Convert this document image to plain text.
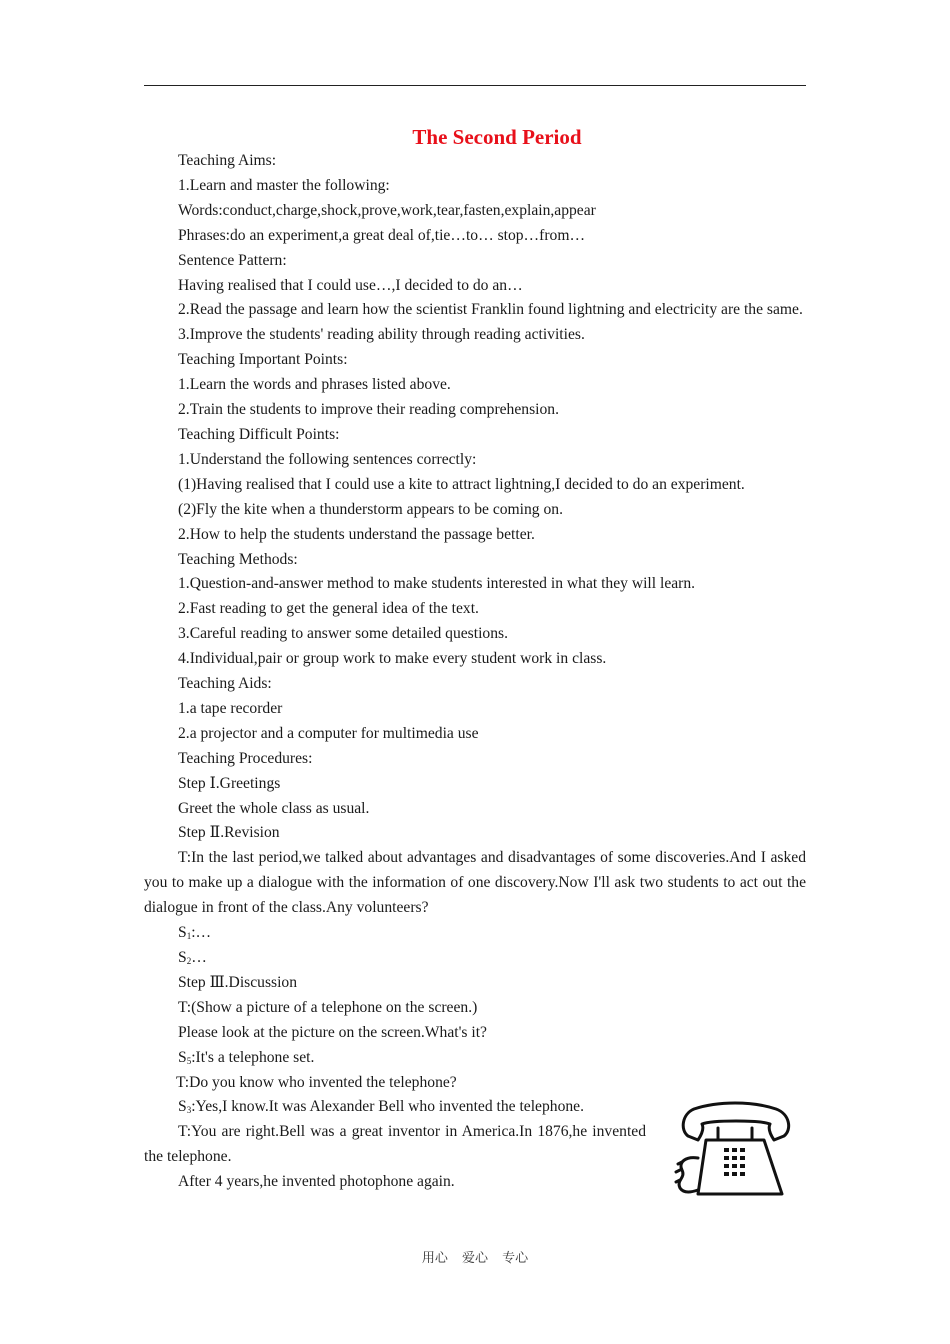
The Second Period

Teaching Aims:

1.Learn and master the following:

Words:conduct,charge,shock,prove,work,tear,fasten,explain,appear

Phrases:do an experiment,a great deal of,tie…to… stop…from…

Sentence Pattern:

Having realised that I could use…,I decided to do an…

2.Read the passage and learn how the scientist Franklin found lightning and electricity are the same.

3.Improve the students' reading ability through reading activities.

Teaching Important Points:

1.Learn the words and phrases listed above.

2.Train the students to improve their reading comprehension.

Teaching Difficult Points:

1.Understand the following sentences correctly:

(1)Having realised that I could use a kite to attract lightning,I decided to do an experiment.

(2)Fly the kite when a thunderstorm appears to be coming on.

2.How to help the students understand the passage better.

Teaching Methods:

1.Question-and-answer method to make students interested in what they will learn.

2.Fast reading to get the general idea of the text.

3.Careful reading to answer some detailed questions.

4.Individual,pair or group work to make every student work in class.

Teaching Aids:

1.a tape recorder

2.a projector and a computer for multimedia use

Teaching Procedures:

Step Ⅰ.Greetings

Greet the whole class as usual.

Step Ⅱ.Revision

T:In the last period,we talked about advantages and disadvantages of some discoveries.And I asked you to make up a dialogue with the information of one discovery.Now I'll ask two students to act out the dialogue in front of the class.Any volunteers?

$S_1:\dots$

$S_2\dots$

Step Ⅲ.Discussion

T:(Show a picture of a telephone on the screen.)

Please look at the picture on the screen.What's it?

$S_5:It's$ a telephone set.

T:Do you know who invented the telephone?

$S_3:Yes,I$ know.It was Alexander Bell who invented the telephone.

T:You are right.Bell was a great inventor in America.In 1876,he invented the telephone.

After 4 years,he invented photophone again.

用心 爱心 专心
